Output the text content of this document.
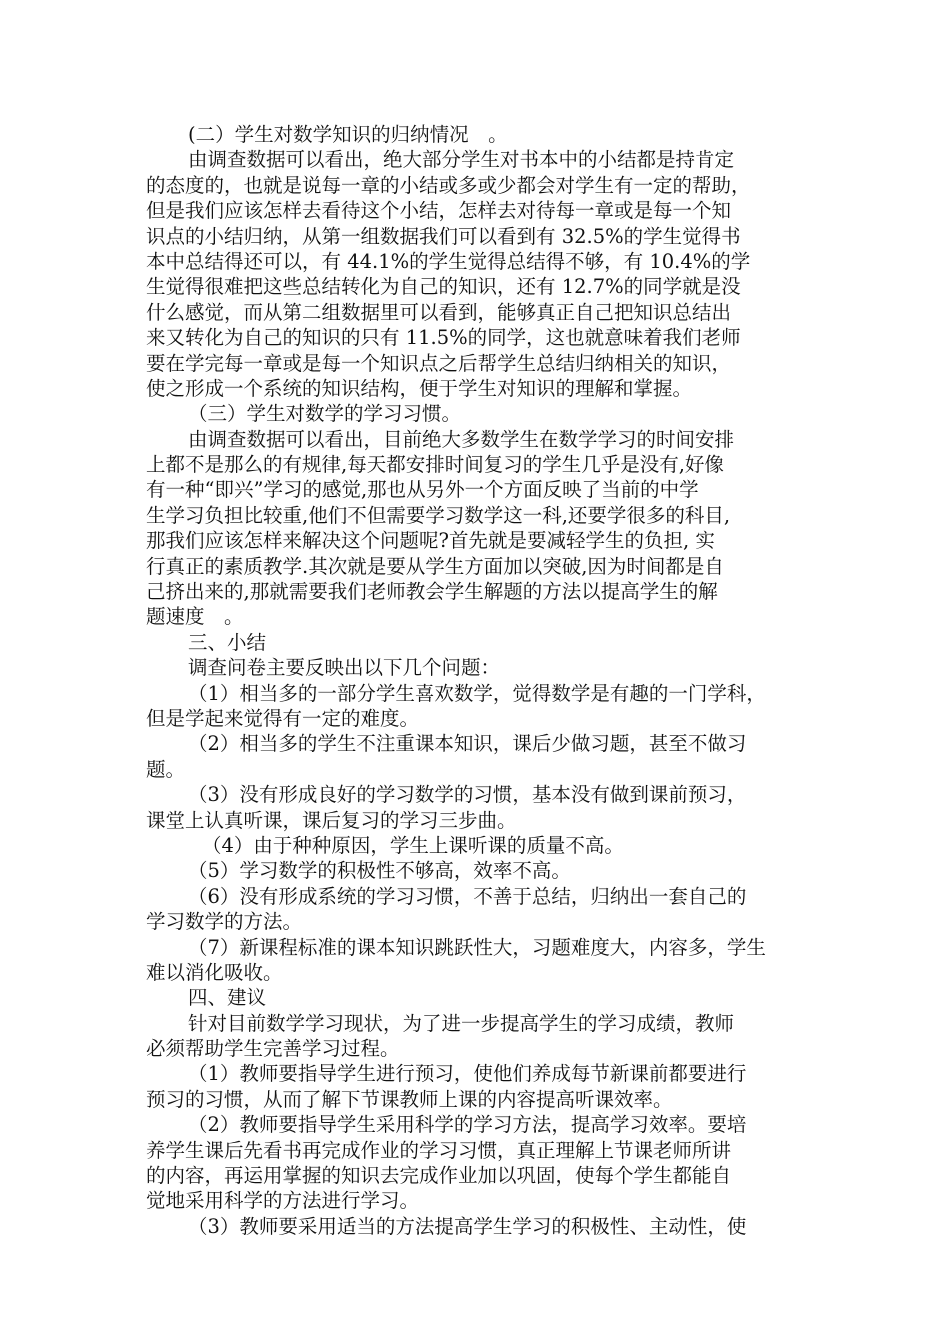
(二）学生对数学知识的归纳情况　。
由调查数据可以看出，绝大部分学生对书本中的小结都是持肯定
的态度的，也就是说每一章的小结或多或少都会对学生有一定的帮助，
但是我们应该怎样去看待这个小结，怎样去对待每一章或是每一个知
识点的小结归纳，从第一组数据我们可以看到有 32.5%的学生觉得书
本中总结得还可以，有 44.1%的学生觉得总结得不够，有 10.4%的学
生觉得很难把这些总结转化为自己的知识，还有 12.7%的同学就是没
什么感觉，而从第二组数据里可以看到，能够真正自己把知识总结出
来又转化为自己的知识的只有 11.5%的同学，这也就意味着我们老师
要在学完每一章或是每一个知识点之后帮学生总结归纳相关的知识，
使之形成一个系统的知识结构，便于学生对知识的理解和掌握。
（三）学生对数学的学习习惯。
由调查数据可以看出，目前绝大多数学生在数学学习的时间安排
上都不是那么的有规律,每天都安排时间复习的学生几乎是没有,好像
有一种“即兴”学习的感觉,那也从另外一个方面反映了当前的中学
生学习负担比较重,他们不但需要学习数学这一科,还要学很多的科目,
那我们应该怎样来解决这个问题呢?首先就是要减轻学生的负担, 实
行真正的素质教学.其次就是要从学生方面加以突破,因为时间都是自
己挤出来的,那就需要我们老师教会学生解题的方法以提高学生的解
题速度　。
三、小结
调查问卷主要反映出以下几个问题：
（1）相当多的一部分学生喜欢数学，觉得数学是有趣的一门学科，
但是学起来觉得有一定的难度。
（2）相当多的学生不注重课本知识，课后少做习题，甚至不做习
题。
（3）没有形成良好的学习数学的习惯，基本没有做到课前预习，
课堂上认真听课，课后复习的学习三步曲。
（4）由于种种原因，学生上课听课的质量不高。
（5）学习数学的积极性不够高，效率不高。
（6）没有形成系统的学习习惯，不善于总结，归纳出一套自己的
学习数学的方法。
（7）新课程标准的课本知识跳跃性大，习题难度大，内容多，学生
难以消化吸收。
四、建议
针对目前数学学习现状，为了进一步提高学生的学习成绩，教师
必须帮助学生完善学习过程。
（1）教师要指导学生进行预习，使他们养成每节新课前都要进行
预习的习惯，从而了解下节课教师上课的内容提高听课效率。
（2）教师要指导学生采用科学的学习方法，提高学习效率。要培
养学生课后先看书再完成作业的学习习惯，真正理解上节课老师所讲
的内容，再运用掌握的知识去完成作业加以巩固，使每个学生都能自
觉地采用科学的方法进行学习。
（3）教师要采用适当的方法提高学生学习的积极性、主动性，使
